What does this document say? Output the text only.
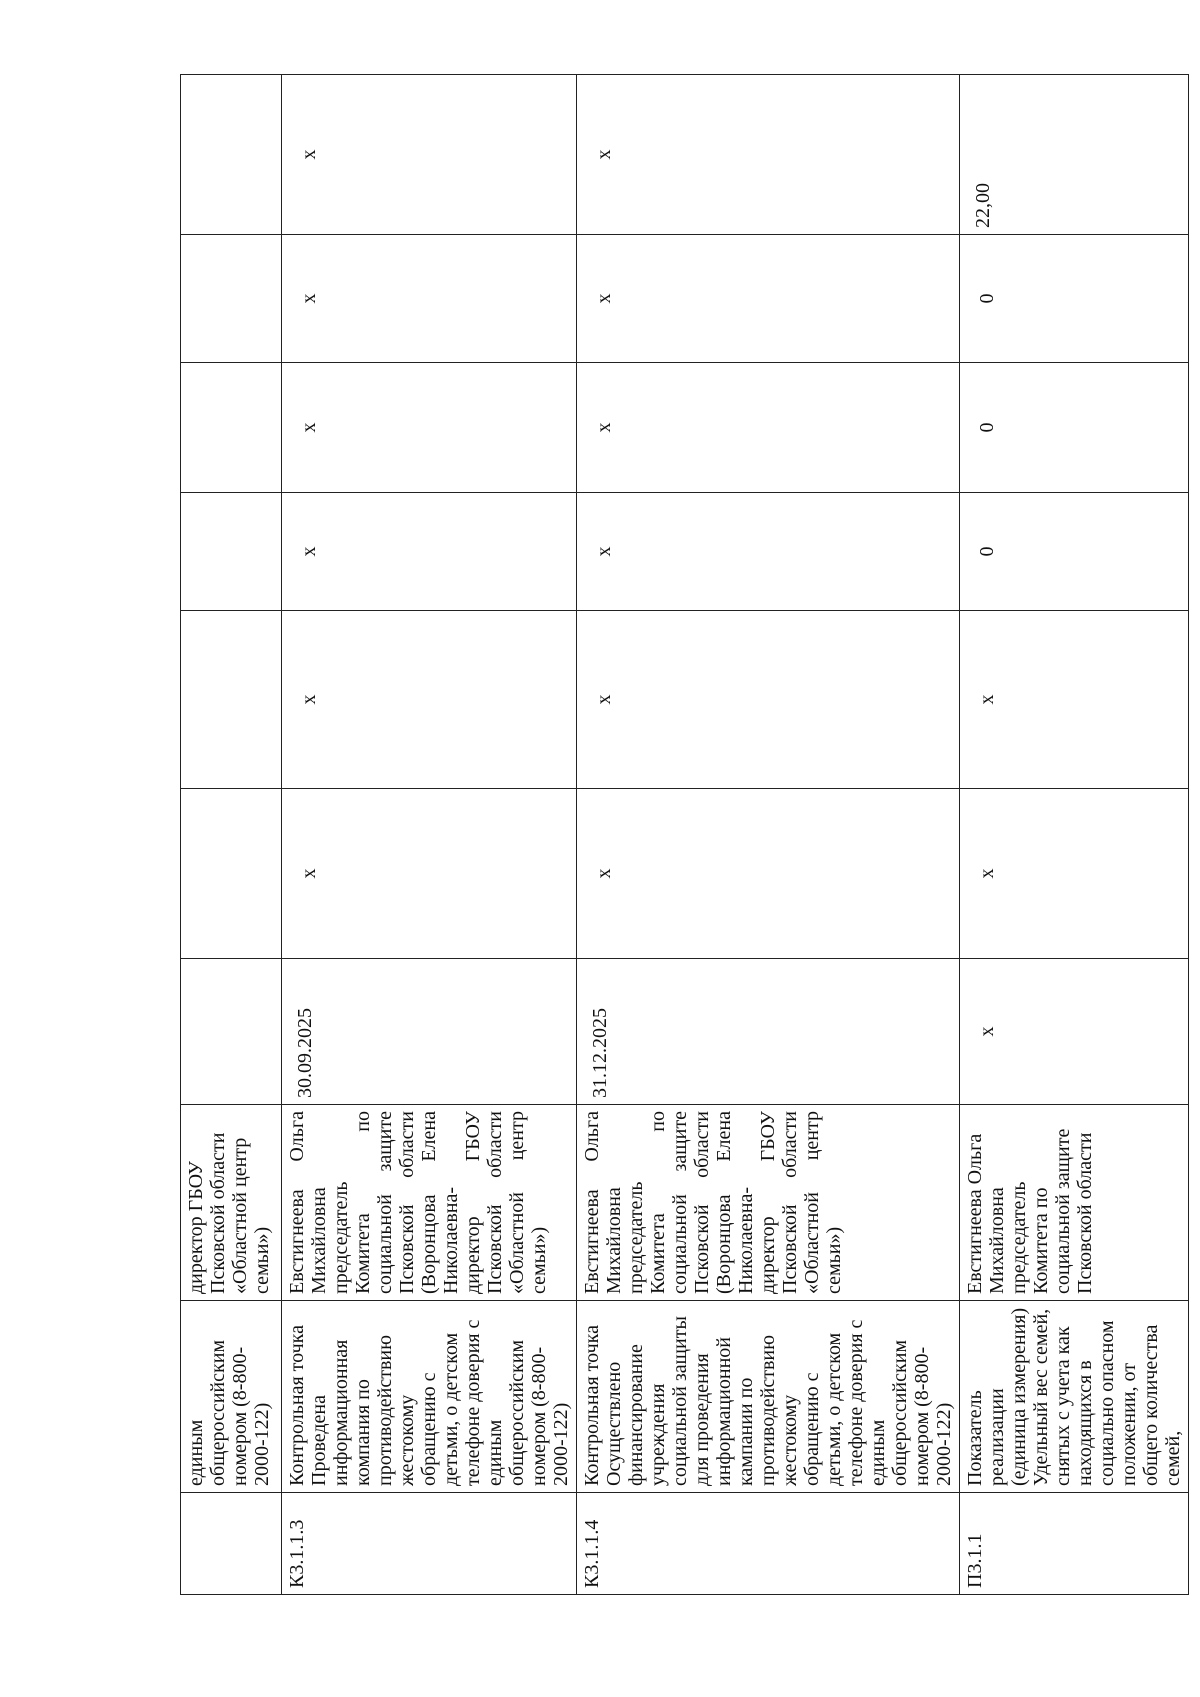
	единым общероссийским номером (8-800-2000-122)	директор ГБОУ Псковской области «Областной центр семьи»)							
К3.1.1.3	Контрольная точка Проведена информационная компания по противодействию жестокому обращению с детьми, о детском телефоне доверия с единым общероссийским номером (8-800-2000-122)	Евстигнеева Ольга Михайловна председатель Комитета по социальной защите Псковской области (Воронцова Елена Николаевна-директор ГБОУ Псковской области «Областной центр семьи»)	30.09.2025	х	х	х	х	х	х

К3.1.1.4	Контрольная точка Осуществлено финансирование учреждения социальной защиты для проведения информационной кампании по противодействию жестокому обращению с детьми, о детском телефоне доверия с единым общероссийским номером (8-800-2000-122)	Евстигнеева Ольга Михайловна председатель Комитета по социальной защите Псковской области (Воронцова Елена Николаевна-директор ГБОУ Псковской области «Областной центр семьи»)	31.12.2025	х	х	х	х	х	х

П3.1.1	Показатель реализации (единица измерения) Удельный вес семей, снятых с учета как находящихся в социально опасном положении, от общего количества семей,	Евстигнеева Ольга Михайловна председатель Комитета по социальной защите Псковской области	х	х	х	0	0	0	22,00
